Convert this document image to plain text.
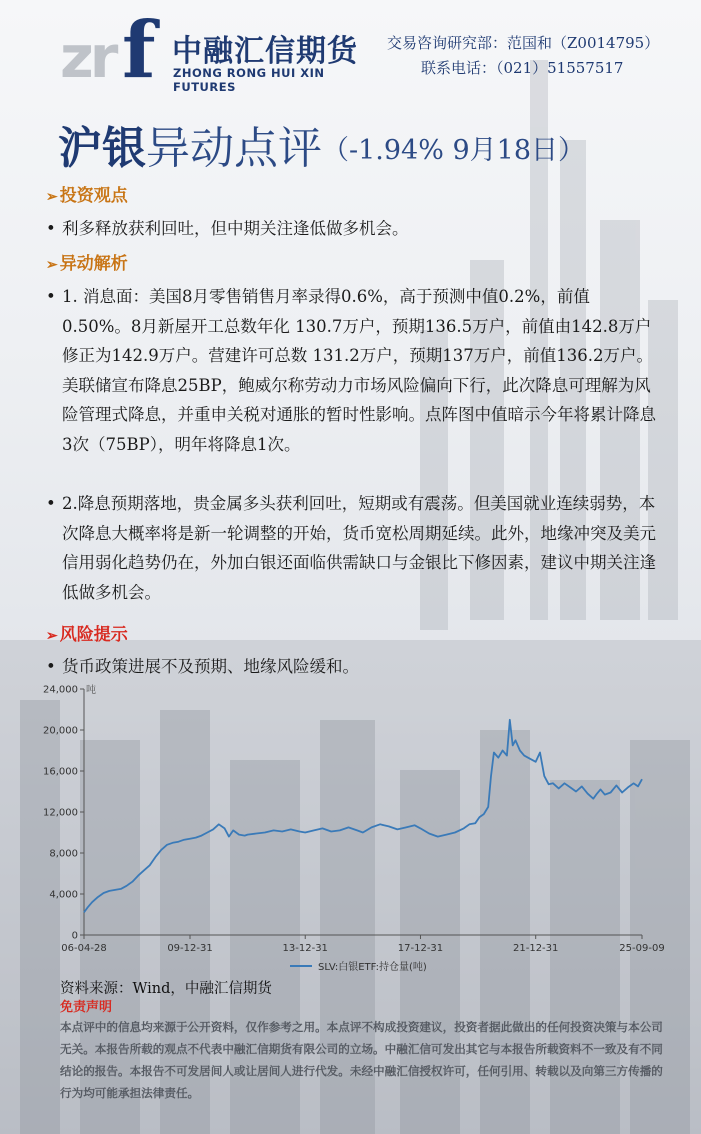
zr f 中融汇信期货
ZHONG RONG HUI XIN FUTURES
交易咨询研究部：范国和（Z0014795）
联系电话：（021）51557517
沪银异动点评（-1.94% 9月18日）
➢ 投资观点
• 利多释放获利回吐，但中期关注逢低做多机会。
➢ 异动解析
• 1. 消息面：美国8月零售销售月率录得0.6%，高于预测中值0.2%，前值0.50%。8月新屋开工总数年化 130.7万户，预期136.5万户，前值由142.8万户修正为142.9万户。营建许可总数 131.2万户，预期137万户，前值136.2万户。美联储宣布降息25BP，鲍威尔称劳动力市场风险偏向下行，此次降息可理解为风险管理式降息，并重申关税对通胀的暂时性影响。点阵图中值暗示今年将累计降息3次（75BP），明年将降息1次。
• 2.降息预期落地，贵金属多头获利回吐，短期或有震荡。但美国就业连续弱势，本次降息大概率将是新一轮调整的开始，货币宽松周期延续。此外，地缘冲突及美元信用弱化趋势仍在，外加白银还面临供需缺口与金银比下修因素，建议中期关注逢低做多机会。
➢ 风险提示
• 货币政策进展不及预期、地缘风险缓和。
吨
0
4,000
8,000
12,000
16,000
20,000
24,000
06-04-28	09-12-31	13-12-31	17-12-31	21-12-31	25-09-09
SLV:白银ETF:持仓量(吨)
资料来源：Wind，中融汇信期货
免责声明
本点评中的信息均来源于公开资料，仅作参考之用。本点评不构成投资建议，投资者据此做出的任何投资决策与本公司无关。本报告所载的观点不代表中融汇信期货有限公司的立场。中融汇信可发出其它与本报告所载资料不一致及有不同结论的报告。本报告不可发居间人或让居间人进行代发。未经中融汇信授权许可，任何引用、转载以及向第三方传播的行为均可能承担法律责任。
